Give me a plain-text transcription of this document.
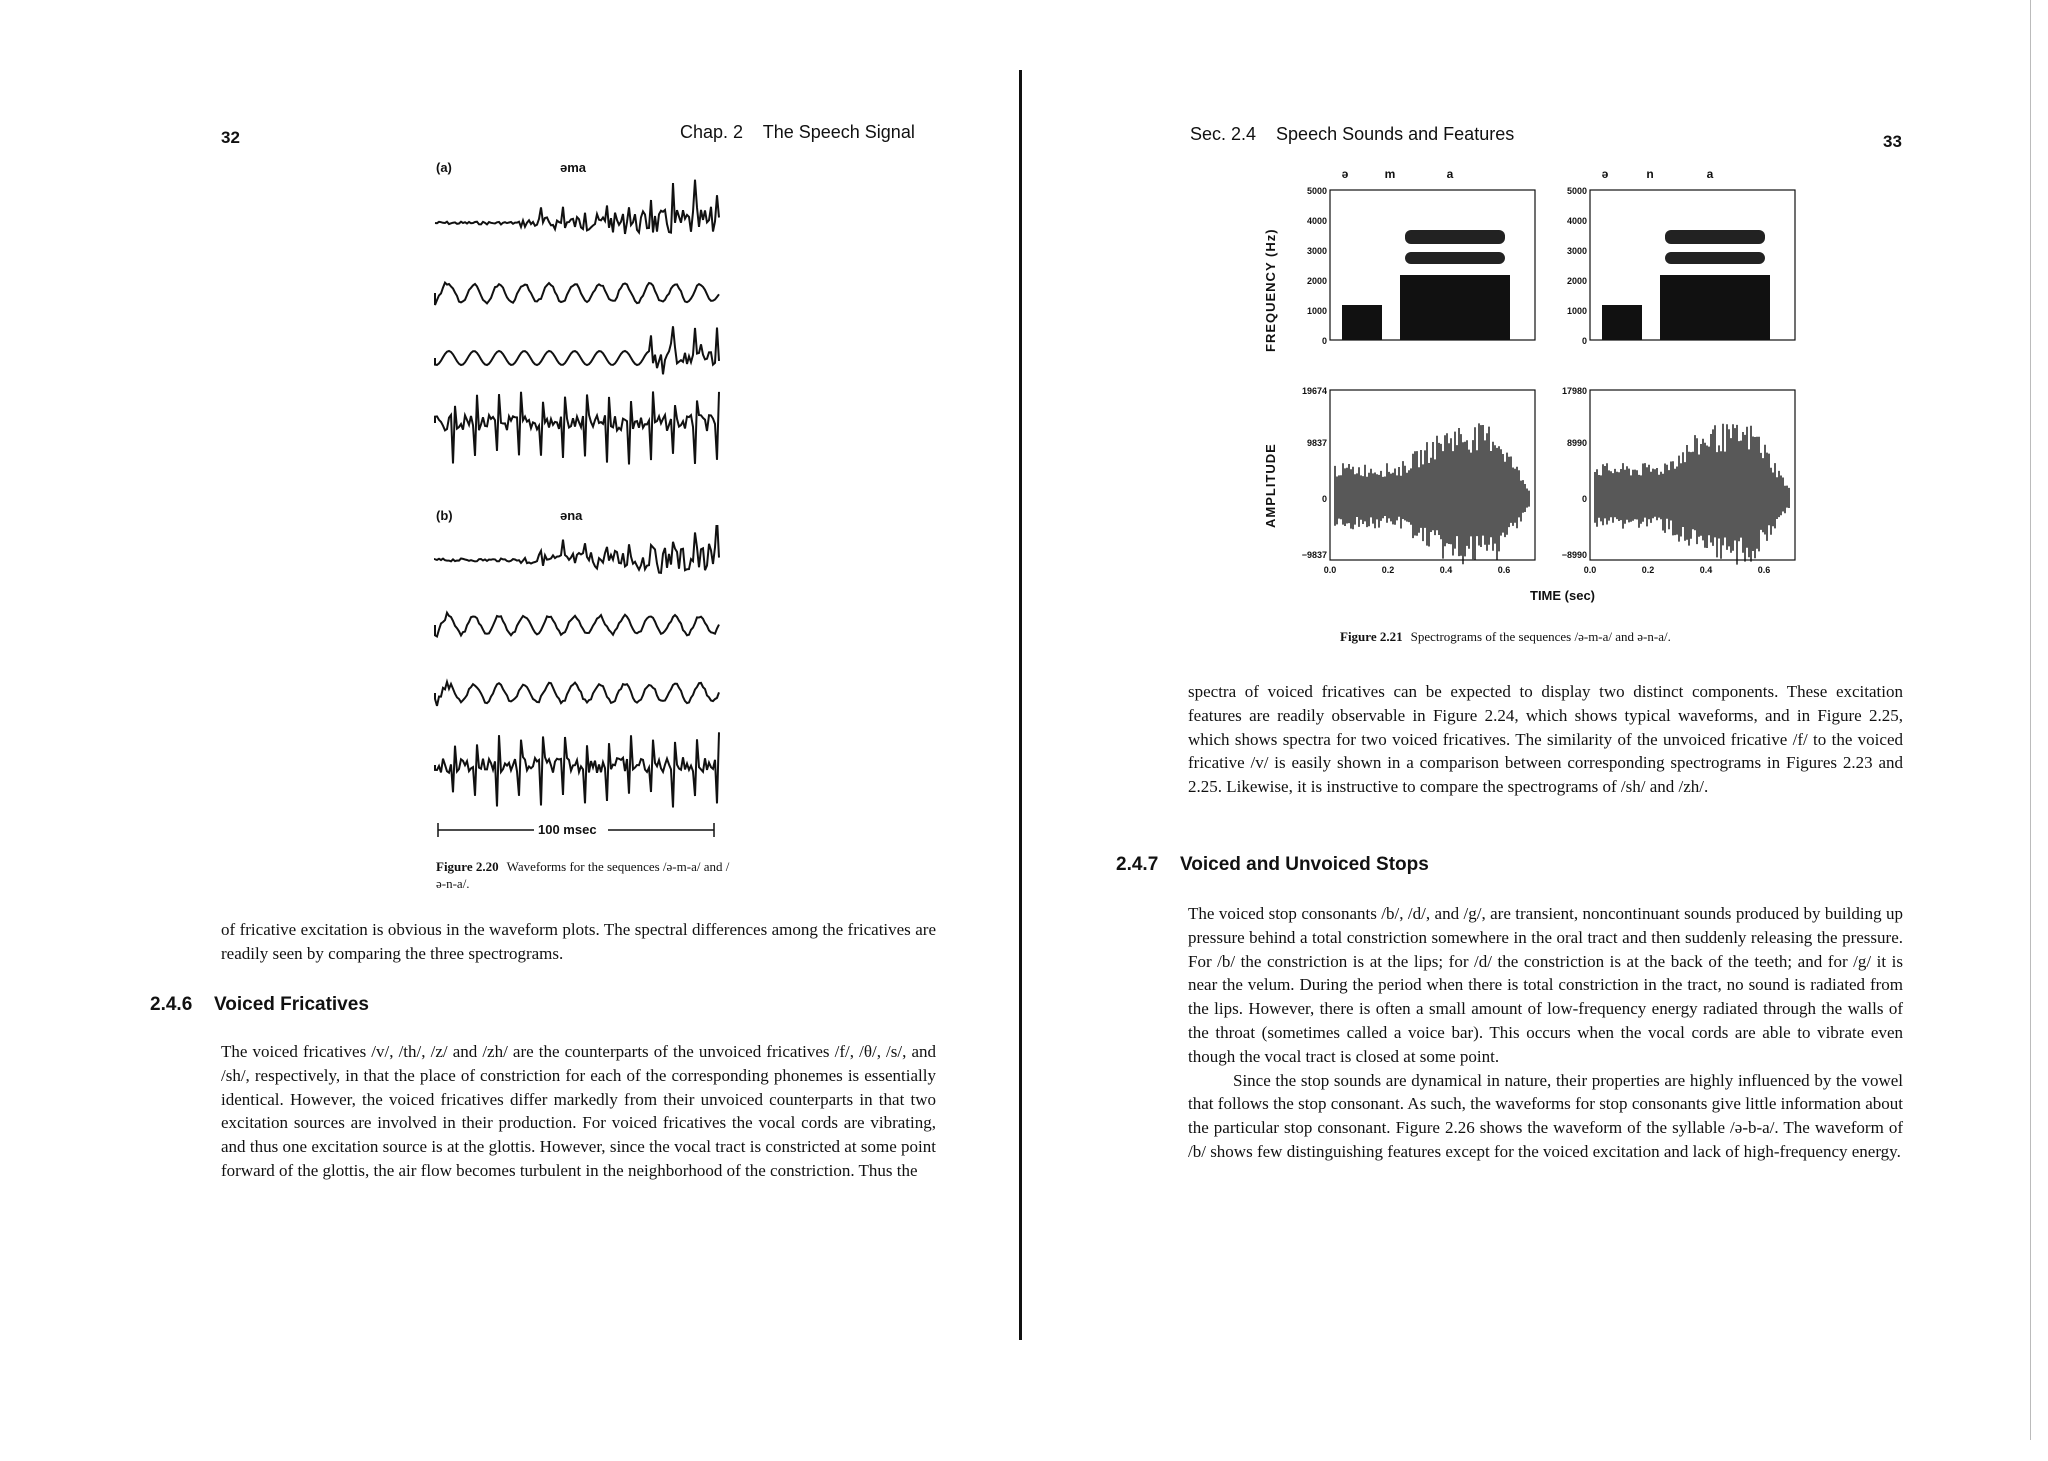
32	Chap. 2    The Speech Signal
(a)	əma
(b)	əna
100 msec
Figure 2.20 Waveforms for the sequences /ə-m-a/ and /ə-n-a/.

of fricative excitation is obvious in the waveform plots. The spectral differences among the fricatives are readily seen by comparing the three spectrograms.

2.4.6 Voiced Fricatives

The voiced fricatives /v/, /th/, /z/ and /zh/ are the counterparts of the unvoiced fricatives /f/, /θ/, /s/, and /sh/, respectively, in that the place of constriction for each of the corresponding phonemes is essentially identical. However, the voiced fricatives differ markedly from their unvoiced counterparts in that two excitation sources are involved in their production. For voiced fricatives the vocal cords are vibrating, and thus one excitation source is at the glottis. However, since the vocal tract is constricted at some point forward of the glottis, the air flow becomes turbulent in the neighborhood of the constriction. Thus the

Sec. 2.4    Speech Sounds and Features	33
FREQUENCY (Hz)
AMPLITUDE
ə	m	a
5000
4000
3000
2000
1000
0
19674
9837
0
−9837
0.0	0.2	0.4	0.6
ə	n	a
5000
4000
3000
2000
1000
0
17980
8990
0
−8990
0.0	0.2	0.4	0.6
TIME (sec)
Figure 2.21 Spectrograms of the sequences /ə-m-a/ and ə-n-a/.

spectra of voiced fricatives can be expected to display two distinct components. These excitation features are readily observable in Figure 2.24, which shows typical waveforms, and in Figure 2.25, which shows spectra for two voiced fricatives. The similarity of the unvoiced fricative /f/ to the voiced fricative /v/ is easily shown in a comparison between corresponding spectrograms in Figures 2.23 and 2.25. Likewise, it is instructive to compare the spectrograms of /sh/ and /zh/.

2.4.7 Voiced and Unvoiced Stops

The voiced stop consonants /b/, /d/, and /g/, are transient, noncontinuant sounds produced by building up pressure behind a total constriction somewhere in the oral tract and then suddenly releasing the pressure. For /b/ the constriction is at the lips; for /d/ the constriction is at the back of the teeth; and for /g/ it is near the velum. During the period when there is total constriction in the tract, no sound is radiated from the lips. However, there is often a small amount of low-frequency energy radiated through the walls of the throat (sometimes called a voice bar). This occurs when the vocal cords are able to vibrate even though the vocal tract is closed at some point.

Since the stop sounds are dynamical in nature, their properties are highly influenced by the vowel that follows the stop consonant. As such, the waveforms for stop consonants give little information about the particular stop consonant. Figure 2.26 shows the waveform of the syllable /ə-b-a/. The waveform of /b/ shows few distinguishing features except for the voiced excitation and lack of high-frequency energy.
